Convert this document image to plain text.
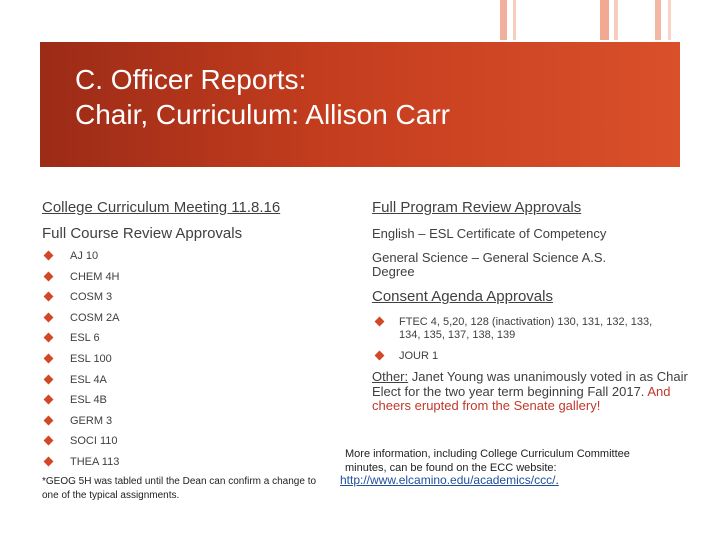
C. Officer Reports:
Chair, Curriculum: Allison Carr
College Curriculum Meeting 11.8.16
Full Course Review Approvals
AJ 10
CHEM 4H
COSM 3
COSM 2A
ESL 6
ESL 100
ESL 4A
ESL 4B
GERM 3
SOCI 110
THEA 113
Full Program Review Approvals
English – ESL Certificate of Competency
General Science – General Science A.S.
Degree
Consent Agenda Approvals
FTEC 4, 5,20, 128 (inactivation) 130, 131, 132, 133,
134, 135, 137, 138, 139
JOUR 1
Other: Janet Young was unanimously voted in as Chair Elect for the two year term beginning Fall 2017. And cheers erupted from the Senate gallery!
More information, including College Curriculum Committee
minutes, can be found on the ECC website:
*GEOG 5H was tabled until the Dean can confirm a change to
one of the typical assignments.
http://www.elcamino.edu/academics/ccc/.
